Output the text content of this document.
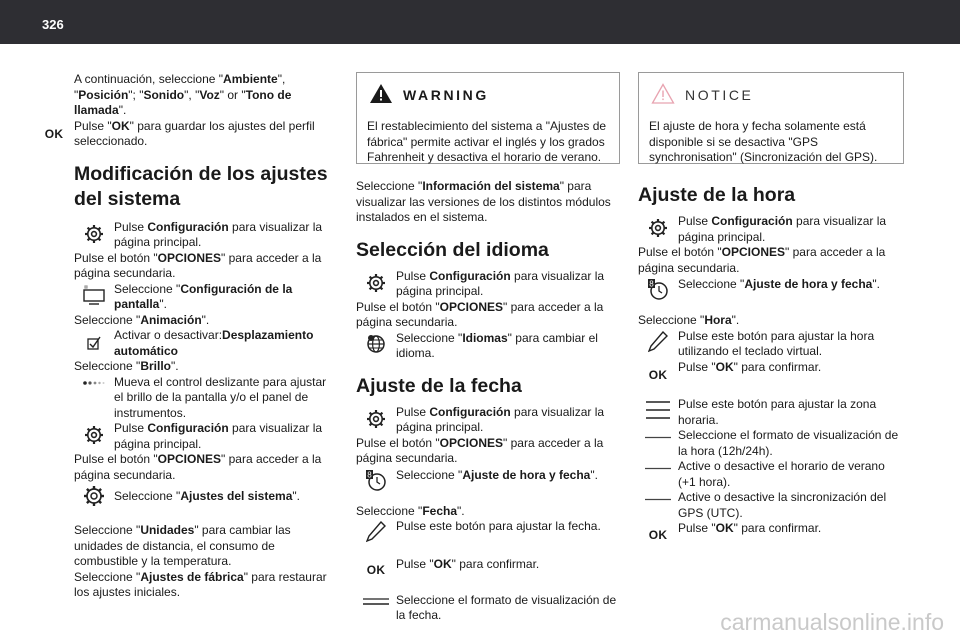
326

A continuación, seleccione "Ambiente", "Posición"; "Sonido", "Voz" or "Tono de llamada".

OK
Pulse "OK" para guardar los ajustes del perfil seleccionado.
Modificación de los ajustes del sistema
Pulse Configuración para visualizar la página principal.

Pulse el botón "OPCIONES" para acceder a la página secundaria.

Seleccione "Configuración de la pantalla".

Seleccione "Animación".

Activar o desactivar:Desplazamiento automático

Seleccione "Brillo".

Mueva el control deslizante para ajustar el brillo de la pantalla y/o el panel de instrumentos.
Pulse Configuración para visualizar la página principal.

Pulse el botón "OPCIONES" para acceder a la página secundaria.

Seleccione "Ajustes del sistema".

Seleccione "Unidades" para cambiar las unidades de distancia, el consumo de combustible y la temperatura.

Seleccione "Ajustes de fábrica" para restaurar los ajustes iniciales.

WARNING
El restablecimiento del sistema a "Ajustes de fábrica" permite activar el inglés y los grados Fahrenheit y desactiva el horario de verano.

Seleccione "Información del sistema" para visualizar las versiones de los distintos módulos instalados en el sistema.

Selección del idioma
Pulse Configuración para visualizar la página principal.

Pulse el botón "OPCIONES" para acceder a la página secundaria.

Seleccione "Idiomas" para cambiar el idioma.
Ajuste de la fecha
Pulse Configuración para visualizar la página principal.

Pulse el botón "OPCIONES" para acceder a la página secundaria.

8 Seleccione "Ajuste de hora y fecha".

Seleccione "Fecha".

Pulse este botón para ajustar la fecha.
OK Pulse "OK" para confirmar.
Seleccione el formato de visualización de la fecha.
NOTICE
El ajuste de hora y fecha solamente está disponible si se desactiva "GPS synchronisation" (Sincronización del GPS).
Ajuste de la hora
Pulse Configuración para visualizar la página principal.

Pulse el botón "OPCIONES" para acceder a la página secundaria.

8 Seleccione "Ajuste de hora y fecha".

Seleccione "Hora".

Pulse este botón para ajustar la hora utilizando el teclado virtual.
OK
Pulse "OK" para confirmar.
Pulse este botón para ajustar la zona horaria.
Seleccione el formato de visualización de la hora (12h/24h).
Active o desactive el horario de verano (+1 hora).
Active o desactive la sincronización del GPS (UTC).
OK Pulse "OK" para confirmar.
carmanualsonline.info
